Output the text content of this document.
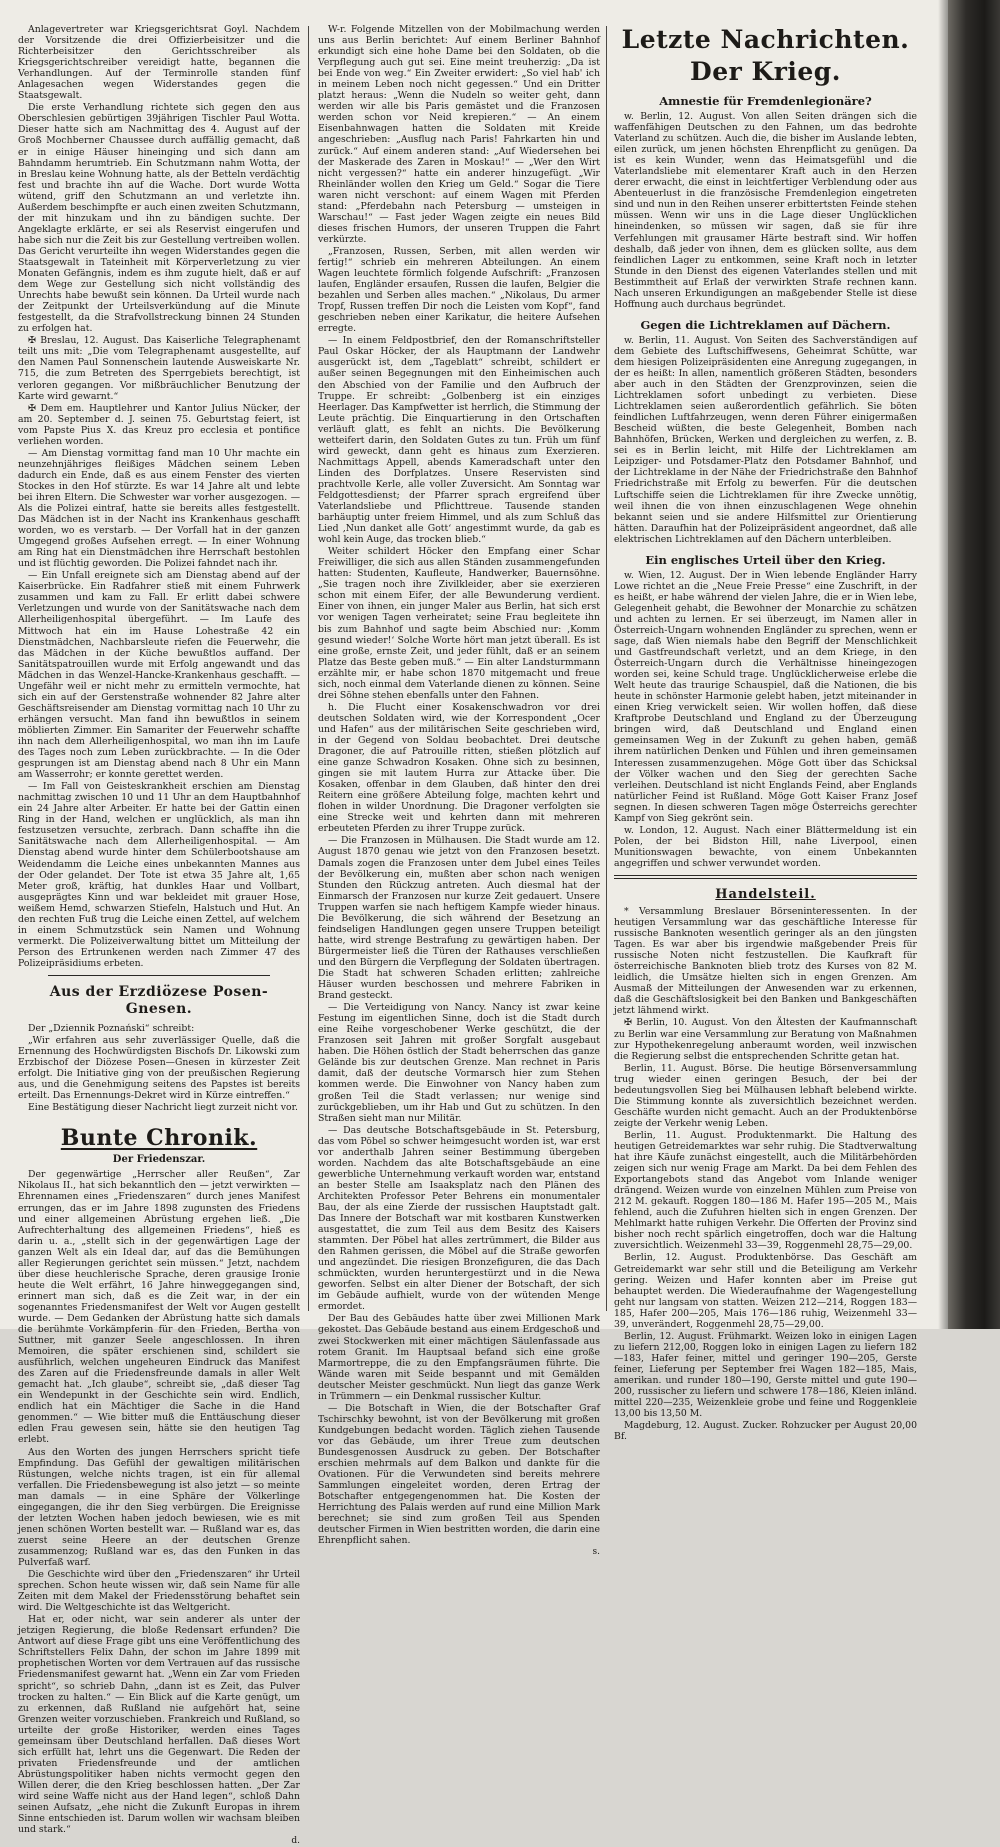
Anlagevertreter war Kriegsgerichtsrat Goyl. Nachdem der Vorsitzende die drei Offizierbeisitzer und die Richterbeisitzer den Gerichtsschreiber als Kriegsgerichtschreiber vereidigt hatte, begannen die Verhandlungen. Auf der Terminrolle standen fünf Anlagesachen wegen Widerstandes gegen die Staatsgewalt.

Die erste Verhandlung richtete sich gegen den aus Oberschlesien gebürtigen 39jährigen Tischler Paul Wotta. Dieser hatte sich am Nachmittag des 4. August auf der Groß Mochberner Chaussee durch auffällig gemacht, daß er in einige Häuser hineinging und sich dann am Bahndamm herumtrieb. Ein Schutzmann nahm Wotta, der in Breslau keine Wohnung hatte, als der Betteln verdächtig fest und brachte ihn auf die Wache. Dort wurde Wotta wütend, griff den Schutzmann an und verletzte ihn. Außerdem beschimpfte er auch einen zweiten Schutzmann, der mit hinzukam und ihn zu bändigen suchte. Der Angeklagte erklärte, er sei als Reservist eingerufen und habe sich nur die Zeit bis zur Gestellung vertreiben wollen. Das Gericht verurteilte ihn wegen Widerstandes gegen die Staatsgewalt in Tateinheit mit Körperverletzung zu vier Monaten Gefängnis, indem es ihm zugute hielt, daß er auf dem Wege zur Gestellung sich nicht vollständig des Unrechts habe bewußt sein können. Da Urteil wurde nach der Zeitpunkt der Urteilsverkündung auf die Minute festgestellt, da die Strafvollstreckung binnen 24 Stunden zu erfolgen hat.

✠ Breslau, 12. August. Das Kaiserliche Telegraphenamt teilt uns mit: „Die vom Telegraphenamt ausgestellte, auf den Namen Paul Sonnenschein lautende Ausweiskarte Nr. 715, die zum Betreten des Sperrgebiets berechtigt, ist verloren gegangen. Vor mißbräuchlicher Benutzung der Karte wird gewarnt.“

✠ Dem em. Hauptlehrer und Kantor Julius Nücker, der am 20. September d. J. seinen 75. Geburtstag feiert, ist vom Papste Pius X. das Kreuz pro ecclesia et pontifice verliehen worden.

— Am Dienstag vormittag fand man 10 Uhr machte ein neunzehnjähriges fleißiges Mädchen seinem Leben dadurch ein Ende, daß es aus einem Fenster des vierten Stockes in den Hof stürzte. Es war 14 Jahre alt und lebte bei ihren Eltern. Die Schwester war vorher ausgezogen. — Als die Polizei eintraf, hatte sie bereits alles festgestellt. Das Mädchen ist in der Nacht ins Krankenhaus geschafft worden, wo es verstarb. — Der Vorfall hat in der ganzen Umgegend großes Aufsehen erregt. — In einer Wohnung am Ring hat ein Dienstmädchen ihre Herrschaft bestohlen und ist flüchtig geworden. Die Polizei fahndet nach ihr.

— Ein Unfall ereignete sich am Dienstag abend auf der Kaiserbrücke. Ein Radfahrer stieß mit einem Fuhrwerk zusammen und kam zu Fall. Er erlitt dabei schwere Verletzungen und wurde von der Sanitätswache nach dem Allerheiligenhospital übergeführt. — Im Laufe des Mittwoch hat ein im Hause Lohestraße 42 ein Dienstmädchen, Nachbarsleute riefen die Feuerwehr, die das Mädchen in der Küche bewußtlos auffand. Der Sanitätspatrouillen wurde mit Erfolg angewandt und das Mädchen in das Wenzel-Hancke-Krankenhaus geschafft. — Ungefähr weil er nicht mehr zu ermitteln vermochte, hat sich ein auf der Gerstenstraße wohnender 82 Jahre alter Geschäftsreisender am Dienstag vormittag nach 10 Uhr zu erhängen versucht. Man fand ihn bewußtlos in seinem möblierten Zimmer. Ein Samariter der Feuerwehr schaffte ihn nach dem Allerheiligenhospital, wo man ihn im Laufe des Tages noch zum Leben zurückbrachte. — In die Oder gesprungen ist am Dienstag abend nach 8 Uhr ein Mann am Wasserrohr; er konnte gerettet werden.

— Im Fall von Geisteskrankheit erschien am Dienstag nachmittag zwischen 10 und 11 Uhr an dem Hauptbahnhof ein 24 Jahre alter Arbeiter. Er hatte bei der Gattin einen Ring in der Hand, welchen er unglücklich, als man ihn festzusetzen versuchte, zerbrach. Dann schaffte ihn die Sanitätswache nach dem Allerheiligenhospital. — Am Dienstag abend wurde hinter dem Schülerbootshause am Weidendamm die Leiche eines unbekannten Mannes aus der Oder gelandet. Der Tote ist etwa 35 Jahre alt, 1,65 Meter groß, kräftig, hat dunkles Haar und Vollbart, ausgeprägtes Kinn und war bekleidet mit grauer Hose, weißem Hemd, schwarzen Stiefeln, Halstuch und Hut. An den rechten Fuß trug die Leiche einen Zettel, auf welchem in einem Schmutzstück sein Namen und Wohnung vermerkt. Die Polizeiverwaltung bittet um Mitteilung der Person des Ertrunkenen werden nach Zimmer 47 des Polizeipräsidiums erbeten.

Aus der Erzdiözese Posen-Gnesen.

Der „Dziennik Poznański“ schreibt:

„Wir erfahren aus sehr zuverlässiger Quelle, daß die Ernennung des Hochwürdigsten Bischofs Dr. Likowski zum Erzbischof der Diözese Posen—Gnesen in kürzester Zeit erfolgt. Die Initiative ging von der preußischen Regierung aus, und die Genehmigung seitens des Papstes ist bereits erteilt. Das Ernennungs-Dekret wird in Kürze eintreffen.“

Eine Bestätigung dieser Nachricht liegt zurzeit nicht vor.

Bunte Chronik.
Der Friedenszar.

Der gegenwärtige „Herrscher aller Reußen“, Zar Nikolaus II., hat sich bekanntlich den — jetzt verwirkten — Ehrennamen eines „Friedenszaren“ durch jenes Manifest errungen, das er im Jahre 1898 zugunsten des Friedens und einer allgemeinen Abrüstung ergehen ließ. „Die Aufrechterhaltung des allgemeinen Friedens“, hieß es darin u. a., „stellt sich in der gegenwärtigen Lage der ganzen Welt als ein Ideal dar, auf das die Bemühungen aller Regierungen gerichtet sein müssen.“ Jetzt, nachdem über diese heuchlerische Sprache, deren grausige Ironie heute die Welt erfährt, 16 Jahre hinweggegangen sind, erinnert man sich, daß es die Zeit war, in der ein sogenanntes Friedensmanifest der Welt vor Augen gestellt wurde. — Dem Gedanken der Abrüstung hatte sich damals die berühmte Vorkämpferin für den Frieden, Bertha von Suttner, mit ganzer Seele angeschlossen. In ihren Memoiren, die später erschienen sind, schildert sie ausführlich, welchen ungeheuren Eindruck das Manifest des Zaren auf die Friedensfreunde damals in aller Welt gemacht hat. „Ich glaube“, schreibt sie, „daß dieser Tag ein Wendepunkt in der Geschichte sein wird. Endlich, endlich hat ein Mächtiger die Sache in die Hand genommen.“ — Wie bitter muß die Enttäuschung dieser edlen Frau gewesen sein, hätte sie den heutigen Tag erlebt.

Aus den Worten des jungen Herrschers spricht tiefe Empfindung. Das Gefühl der gewaltigen militärischen Rüstungen, welche nichts tragen, ist ein für allemal verfallen. Die Friedensbewegung ist also jetzt — so meinte man damals — in eine Sphäre der Völkerlinge eingegangen, die ihr den Sieg verbürgen. Die Ereignisse der letzten Wochen haben jedoch bewiesen, wie es mit jenen schönen Worten bestellt war. — Rußland war es, das zuerst seine Heere an der deutschen Grenze zusammenzog; Rußland war es, das den Funken in das Pulverfaß warf.

Die Geschichte wird über den „Friedenszaren“ ihr Urteil sprechen. Schon heute wissen wir, daß sein Name für alle Zeiten mit dem Makel der Friedensstörung behaftet sein wird. Die Weltgeschichte ist das Weltgericht.

Hat er, oder nicht, war sein anderer als unter der jetzigen Regierung, die bloße Redensart erfunden? Die Antwort auf diese Frage gibt uns eine Veröffentlichung des Schriftstellers Felix Dahn, der schon im Jahre 1899 mit prophetischen Worten vor dem Vertrauen auf das russische Friedensmanifest gewarnt hat. „Wenn ein Zar vom Frieden spricht“, so schrieb Dahn, „dann ist es Zeit, das Pulver trocken zu halten.“ — Ein Blick auf die Karte genügt, um zu erkennen, daß Rußland nie aufgehört hat, seine Grenzen weiter vorzuschieben. Frankreich und Rußland, so urteilte der große Historiker, werden eines Tages gemeinsam über Deutschland herfallen. Daß dieses Wort sich erfüllt hat, lehrt uns die Gegenwart. Die Reden der privaten Friedensfreunde und der amtlichen Abrüstungspolitiker haben nichts vermocht gegen den Willen derer, die den Krieg beschlossen hatten. „Der Zar wird seine Waffe nicht aus der Hand legen“, schloß Dahn seinen Aufsatz, „ehe nicht die Zukunft Europas in ihrem Sinne entschieden ist. Darum wollen wir wachsam bleiben und stark.“

d.

W-r. Folgende Mitzellen von der Mobilmachung werden uns aus Berlin berichtet: Auf einem Berliner Bahnhof erkundigt sich eine hohe Dame bei den Soldaten, ob die Verpflegung auch gut sei. Eine meint treuherzig: „Da ist bei Ende von weg.“ Ein Zweiter erwidert: „So viel hab' ich in meinem Leben noch nicht gegessen.“ Und ein Dritter platzt heraus: „Wenn die Nudeln so weiter geht, dann werden wir alle bis Paris gemästet und die Franzosen werden schon vor Neid krepieren.“ — An einem Eisenbahnwagen hatten die Soldaten mit Kreide angeschrieben: „Ausflug nach Paris! Fahrkarten hin und zurück.“ Auf einem anderen stand: „Auf Wiedersehen bei der Maskerade des Zaren in Moskau!“ — „Wer den Wirt nicht vergessen?“ hatte ein anderer hinzugefügt. „Wir Rheinländer wollen den Krieg um Geld.“ Sogar die Tiere waren nicht verschont: auf einem Wagen mit Pferden stand: „Pferdebahn nach Petersburg — umsteigen in Warschau!“ — Fast jeder Wagen zeigte ein neues Bild dieses frischen Humors, der unseren Truppen die Fahrt verkürzte.

„Franzosen, Russen, Serben, mit allen werden wir fertig!“ schrieb ein mehreren Abteilungen. An einem Wagen leuchtete förmlich folgende Aufschrift: „Franzosen laufen, Engländer ersaufen, Russen die laufen, Belgier die bezahlen und Serben alles machen.“ „Nikolaus, Du armer Tropf, Russen treffen Dir noch die Leisten vom Kopf“, fand geschrieben neben einer Karikatur, die heitere Aufsehen erregte.

— In einem Feldpostbrief, den der Romanschriftsteller Paul Oskar Höcker, der als Hauptmann der Landwehr ausgerückt ist, dem „Tageblatt“ schreibt, schildert er außer seinen Begegnungen mit den Einheimischen auch den Abschied von der Familie und den Aufbruch der Truppe. Er schreibt: „Golbenberg ist ein einziges Heerlager. Das Kampfwetter ist herrlich, die Stimmung der Leute prächtig. Die Einquartierung in den Ortschaften verläuft glatt, es fehlt an nichts. Die Bevölkerung wetteifert darin, den Soldaten Gutes zu tun. Früh um fünf wird geweckt, dann geht es hinaus zum Exerzieren. Nachmittags Appell, abends Kameradschaft unter den Linden des Dorfplatzes. Unsere Reservisten sind prachtvolle Kerle, alle voller Zuversicht. Am Sonntag war Feldgottesdienst; der Pfarrer sprach ergreifend über Vaterlandsliebe und Pflichttreue. Tausende standen barhäuptig unter freiem Himmel, und als zum Schluß das Lied ‚Nun danket alle Gott‘ angestimmt wurde, da gab es wohl kein Auge, das trocken blieb.“

Weiter schildert Höcker den Empfang einer Schar Freiwilliger, die sich aus allen Ständen zusammengefunden hatten: Studenten, Kaufleute, Handwerker, Bauernsöhne. „Sie tragen noch ihre Zivilkleider, aber sie exerzieren schon mit einem Eifer, der alle Bewunderung verdient. Einer von ihnen, ein junger Maler aus Berlin, hat sich erst vor wenigen Tagen verheiratet; seine Frau begleitete ihn bis zum Bahnhof und sagte beim Abschied nur: ‚Komm gesund wieder!‘ Solche Worte hört man jetzt überall. Es ist eine große, ernste Zeit, und jeder fühlt, daß er an seinem Platze das Beste geben muß.“ — Ein alter Landsturmmann erzählte mir, er habe schon 1870 mitgemacht und freue sich, noch einmal dem Vaterlande dienen zu können. Seine drei Söhne stehen ebenfalls unter den Fahnen.

h. Die Flucht einer Kosakenschwadron vor drei deutschen Soldaten wird, wie der Korrespondent „Ocer und Hafen“ aus der militärischen Seite geschrieben wird, in der Gegend von Soldau beobachtet. Drei deutsche Dragoner, die auf Patrouille ritten, stießen plötzlich auf eine ganze Schwadron Kosaken. Ohne sich zu besinnen, gingen sie mit lautem Hurra zur Attacke über. Die Kosaken, offenbar in dem Glauben, daß hinter den drei Reitern eine größere Abteilung folge, machten kehrt und flohen in wilder Unordnung. Die Dragoner verfolgten sie eine Strecke weit und kehrten dann mit mehreren erbeuteten Pferden zu ihrer Truppe zurück.

— Die Franzosen in Mülhausen. Die Stadt wurde am 12. August 1870 genau wie jetzt von den Franzosen besetzt. Damals zogen die Franzosen unter dem Jubel eines Teiles der Bevölkerung ein, mußten aber schon nach wenigen Stunden den Rückzug antreten. Auch diesmal hat der Einmarsch der Franzosen nur kurze Zeit gedauert. Unsere Truppen warfen sie nach heftigem Kampfe wieder hinaus. Die Bevölkerung, die sich während der Besetzung an feindseligen Handlungen gegen unsere Truppen beteiligt hatte, wird strenge Bestrafung zu gewärtigen haben. Der Bürgermeister ließ die Türen der Rathauses verschließen und den Bürgern die Verpflegung der Soldaten übertragen. Die Stadt hat schweren Schaden erlitten; zahlreiche Häuser wurden beschossen und mehrere Fabriken in Brand gesteckt.

— Die Verteidigung von Nancy. Nancy ist zwar keine Festung im eigentlichen Sinne, doch ist die Stadt durch eine Reihe vorgeschobener Werke geschützt, die der Franzosen seit Jahren mit großer Sorgfalt ausgebaut haben. Die Höhen östlich der Stadt beherrschen das ganze Gelände bis zur deutschen Grenze. Man rechnet in Paris damit, daß der deutsche Vormarsch hier zum Stehen kommen werde. Die Einwohner von Nancy haben zum großen Teil die Stadt verlassen; nur wenige sind zurückgeblieben, um ihr Hab und Gut zu schützen. In den Straßen sieht man nur Militär.

— Das deutsche Botschaftsgebäude in St. Petersburg, das vom Pöbel so schwer heimgesucht worden ist, war erst vor anderthalb Jahren seiner Bestimmung übergeben worden. Nachdem das alte Botschaftsgebäude an eine gewerbliche Unternehmung verkauft worden war, entstand an bester Stelle am Isaaksplatz nach den Plänen des Architekten Professor Peter Behrens ein monumentaler Bau, der als eine Zierde der russischen Hauptstadt galt. Das Innere der Botschaft war mit kostbaren Kunstwerken ausgestattet, die zum Teil aus dem Besitz des Kaisers stammten. Der Pöbel hat alles zertrümmert, die Bilder aus den Rahmen gerissen, die Möbel auf die Straße geworfen und angezündet. Die riesigen Bronzefiguren, die das Dach schmückten, wurden heruntergestürzt und in die Newa geworfen. Selbst ein alter Diener der Botschaft, der sich im Gebäude aufhielt, wurde von der wütenden Menge ermordet.

Der Bau des Gebäudes hatte über zwei Millionen Mark gekostet. Das Gebäude bestand aus einem Erdgeschoß und zwei Stockwerken mit einer mächtigen Säulenfassade aus rotem Granit. Im Hauptsaal befand sich eine große Marmortreppe, die zu den Empfangsräumen führte. Die Wände waren mit Seide bespannt und mit Gemälden deutscher Meister geschmückt. Nun liegt das ganze Werk in Trümmern — ein Denkmal russischer Kultur.

— Die Botschaft in Wien, die der Botschafter Graf Tschirschky bewohnt, ist von der Bevölkerung mit großen Kundgebungen bedacht worden. Täglich ziehen Tausende vor das Gebäude, um ihrer Treue zum deutschen Bundesgenossen Ausdruck zu geben. Der Botschafter erschien mehrmals auf dem Balkon und dankte für die Ovationen. Für die Verwundeten sind bereits mehrere Sammlungen eingeleitet worden, deren Ertrag der Botschafter entgegengenommen hat. Die Kosten der Herrichtung des Palais werden auf rund eine Million Mark berechnet; sie sind zum großen Teil aus Spenden deutscher Firmen in Wien bestritten worden, die darin eine Ehrenpflicht sahen.

s.
Letzte Nachrichten.
Der Krieg.
Amnestie für Fremdenlegionäre?

w. Berlin, 12. August. Von allen Seiten drängen sich die waffenfähigen Deutschen zu den Fahnen, um das bedrohte Vaterland zu schützen. Auch die, die bisher im Auslande lebten, eilen zurück, um jenen höchsten Ehrenpflicht zu genügen. Da ist es kein Wunder, wenn das Heimatsgefühl und die Vaterlandsliebe mit elementarer Kraft auch in den Herzen derer erwacht, die einst in leichtfertiger Verblendung oder aus Abenteuerlust in die französische Fremdenlegion eingetreten sind und nun in den Reihen unserer erbittertsten Feinde stehen müssen. Wenn wir uns in die Lage dieser Unglücklichen hineindenken, so müssen wir sagen, daß sie für ihre Verfehlungen mit grausamer Härte bestraft sind. Wir hoffen deshalb, daß jeder von ihnen, dem es glücken sollte, aus dem feindlichen Lager zu entkommen, seine Kraft noch in letzter Stunde in den Dienst des eigenen Vaterlandes stellen und mit Bestimmtheit auf Erlaß der verwirkten Strafe rechnen kann. Nach unseren Erkundigungen an maßgebender Stelle ist diese Hoffnung auch durchaus begründet.

Gegen die Lichtreklamen auf Dächern.

w. Berlin, 11. August. Von Seiten des Sachverständigen auf dem Gebiete des Luftschiffwesens, Geheimrat Schütte, war dem hiesigen Polizeipräsidenten eine Anregung zugegangen, in der es heißt: In allen, namentlich größeren Städten, besonders aber auch in den Städten der Grenzprovinzen, seien die Lichtreklamen sofort unbedingt zu verbieten. Diese Lichtreklamen seien außerordentlich gefährlich. Sie böten feindlichen Luftfahrzeugen, wenn deren Führer einigermaßen Bescheid wüßten, die beste Gelegenheit, Bomben nach Bahnhöfen, Brücken, Werken und dergleichen zu werfen, z. B. sei es in Berlin leicht, mit Hilfe der Lichtreklamen am Leipziger- und Potsdamer-Platz den Potsdamer Bahnhof, und der Lichtreklame in der Nähe der Friedrichstraße den Bahnhof Friedrichstraße mit Erfolg zu bewerfen. Für die deutschen Luftschiffe seien die Lichtreklamen für ihre Zwecke unnötig, weil ihnen die von ihnen einzuschlagenen Wege ohnehin bekannt seien und sie andere Hilfsmittel zur Orientierung hätten. Daraufhin hat der Polizeipräsident angeordnet, daß alle elektrischen Lichtreklamen auf den Dächern unterbleiben.

Ein englisches Urteil über den Krieg.

w. Wien, 12. August. Der in Wien lebende Engländer Harry Lowe richtet an die „Neue Freie Presse“ eine Zuschrift, in der es heißt, er habe während der vielen Jahre, die er in Wien lebe, Gelegenheit gehabt, die Bewohner der Monarchie zu schätzen und achten zu lernen. Er sei überzeugt, im Namen aller in Österreich-Ungarn wohnenden Engländer zu sprechen, wenn er sage, daß Wien niemals habe den Begriff der Menschlichkeit und Gastfreundschaft verletzt, und an dem Kriege, in den Österreich-Ungarn durch die Verhältnisse hineingezogen worden sei, keine Schuld trage. Unglücklicherweise erlebe die Welt heute das traurige Schauspiel, daß die Nationen, die bis heute in schönster Harmonie gelebt haben, jetzt miteinander in einen Krieg verwickelt seien. Wir wollen hoffen, daß diese Kraftprobe Deutschland und England zu der Überzeugung bringen wird, daß Deutschland und England einen gemeinsamen Weg in der Zukunft zu gehen haben, gemäß ihrem natürlichen Denken und Fühlen und ihren gemeinsamen Interessen zusammenzugehen. Möge Gott über das Schicksal der Völker wachen und den Sieg der gerechten Sache verleihen. Deutschland ist nicht Englands Feind, aber Englands natürlicher Feind ist Rußland. Möge Gott Kaiser Franz Josef segnen. In diesen schweren Tagen möge Österreichs gerechter Kampf von Sieg gekrönt sein.

w. London, 12. August. Nach einer Blättermeldung ist ein Polen, der bei Bidston Hill, nahe Liverpool, einen Munitionswagen bewachte, von einem Unbekannten angegriffen und schwer verwundet worden.

Handelsteil.

* Versammlung Breslauer Börseninteressenten. In der heutigen Versammlung war das geschäftliche Interesse für russische Banknoten wesentlich geringer als an den jüngsten Tagen. Es war aber bis irgendwie maßgebender Preis für russische Noten nicht festzustellen. Die Kaufkraft für österreichische Banknoten blieb trotz des Kurses von 82 M. leidlich, die Umsätze hielten sich in engen Grenzen. Am Ausmaß der Mitteilungen der Anwesenden war zu erkennen, daß die Geschäftslosigkeit bei den Banken und Bankgeschäften jetzt lähmend wirkt.

✠ Berlin, 10. August. Von den Ältesten der Kaufmannschaft zu Berlin war eine Versammlung zur Beratung von Maßnahmen zur Hypothekenregelung anberaumt worden, weil inzwischen die Regierung selbst die entsprechenden Schritte getan hat.

Berlin, 11. August. Börse. Die heutige Börsenversammlung trug wieder einen geringen Besuch, der bei der bedeutungsvollen Sieg bei Mülhausen lebhaft belebend wirkte. Die Stimmung konnte als zuversichtlich bezeichnet werden. Geschäfte wurden nicht gemacht. Auch an der Produktenbörse zeigte der Verkehr wenig Leben.

Berlin, 11. August. Produktenmarkt. Die Haltung des heutigen Getreidemarktes war sehr ruhig. Die Stadtverwaltung hat ihre Käufe zunächst eingestellt, auch die Militärbehörden zeigen sich nur wenig Frage am Markt. Da bei dem Fehlen des Exportangebots stand das Angebot vom Inlande weniger drängend. Weizen wurde von einzelnen Mühlen zum Preise von 212 M. gekauft. Roggen 180—186 M. Hafer 195—205 M., Mais fehlend, auch die Zufuhren hielten sich in engen Grenzen. Der Mehlmarkt hatte ruhigen Verkehr. Die Offerten der Provinz sind bisher noch recht spärlich eingetroffen, doch war die Haltung zuversichtlich. Weizenmehl 33—39, Roggenmehl 28,75—29,00.

Berlin, 12. August. Produktenbörse. Das Geschäft am Getreidemarkt war sehr still und die Beteiligung am Verkehr gering. Weizen und Hafer konnten aber im Preise gut behauptet werden. Die Wiederaufnahme der Wagengestellung geht nur langsam von statten. Weizen 212—214, Roggen 183—185, Hafer 200—205, Mais 176—186 ruhig, Weizenmehl 33—39, unverändert, Roggenmehl 28,75—29,00.

Berlin, 12. August. Frühmarkt. Weizen loko in einigen Lagen zu liefern 212,00, Roggen loko in einigen Lagen zu liefern 182—183, Hafer feiner, mittel und geringer 190—205, Gerste feiner, Lieferung per September frei Wagen 182—185, Mais, amerikan. und runder 180—190, Gerste mittel und gute 190—200, russischer zu liefern und schwere 178—186, Kleien inländ. mittel 220—235, Weizenkleie grobe und feine und Roggenkleie 13,00 bis 13,50 M.

Magdeburg, 12. August. Zucker. Rohzucker per August 20,00 Bf.
